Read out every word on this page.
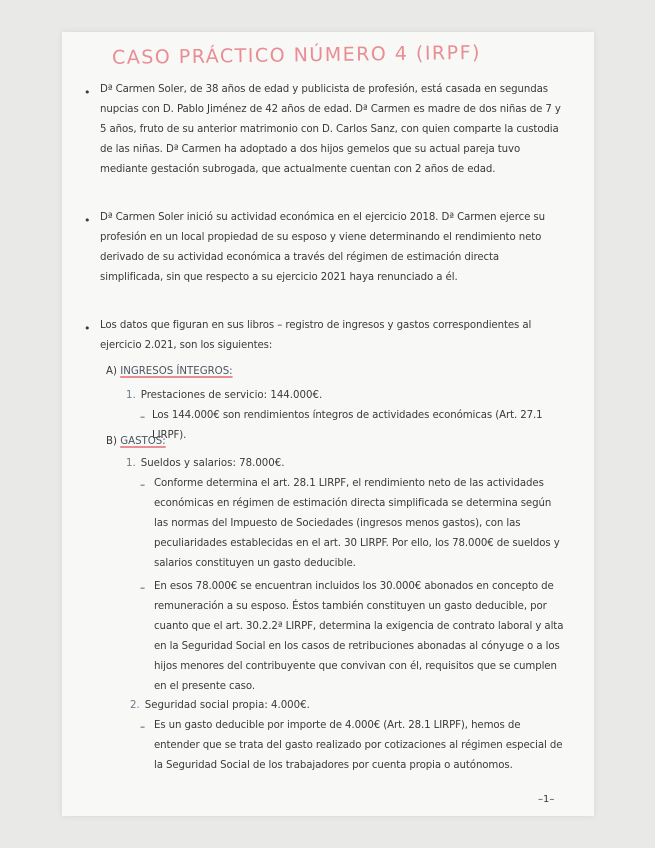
CASO PRÁCTICO NÚMERO 4 (IRPF)
• Dª Carmen Soler, de 38 años de edad y publicista de profesión, está casada en segundas nupcias con D. Pablo Jiménez de 42 años de edad. Dª Carmen es madre de dos niñas de 7 y 5 años, fruto de su anterior matrimonio con D. Carlos Sanz, con quien comparte la custodia de las niñas. Dª Carmen ha adoptado a dos hijos gemelos que su actual pareja tuvo mediante gestación subrogada, que actualmente cuentan con 2 años de edad.

• Dª Carmen Soler inició su actividad económica en el ejercicio 2018. Dª Carmen ejerce su profesión en un local propiedad de su esposo y viene determinando el rendimiento neto derivado de su actividad económica a través del régimen de estimación directa simplificada, sin que respecto a su ejercicio 2021 haya renunciado a él.

• Los datos que figuran en sus libros – registro de ingresos y gastos correspondientes al ejercicio 2.021, son los siguientes:

A) INGRESOS ÍNTEGROS:
1. Prestaciones de servicio: 144.000€.
– Los 144.000€ son rendimientos íntegros de actividades económicas (Art. 27.1 LIRPF).

B) GASTOS:
1. Sueldos y salarios: 78.000€.
– Conforme determina el art. 28.1 LIRPF, el rendimiento neto de las actividades económicas en régimen de estimación directa simplificada se determina según las normas del Impuesto de Sociedades (ingresos menos gastos), con las peculiaridades establecidas en el art. 30 LIRPF. Por ello, los 78.000€ de sueldos y salarios constituyen un gasto deducible.

– En esos 78.000€ se encuentran incluidos los 30.000€ abonados en concepto de remuneración a su esposo. Éstos también constituyen un gasto deducible, por cuanto que el art. 30.2.2ª LIRPF, determina la exigencia de contrato laboral y alta en la Seguridad Social en los casos de retribuciones abonadas al cónyuge o a los hijos menores del contribuyente que convivan con él, requisitos que se cumplen en el presente caso.

2. Seguridad social propia: 4.000€.
– Es un gasto deducible por importe de 4.000€ (Art. 28.1 LIRPF), hemos de entender que se trata del gasto realizado por cotizaciones al régimen especial de la Seguridad Social de los trabajadores por cuenta propia o autónomos.

–1–
